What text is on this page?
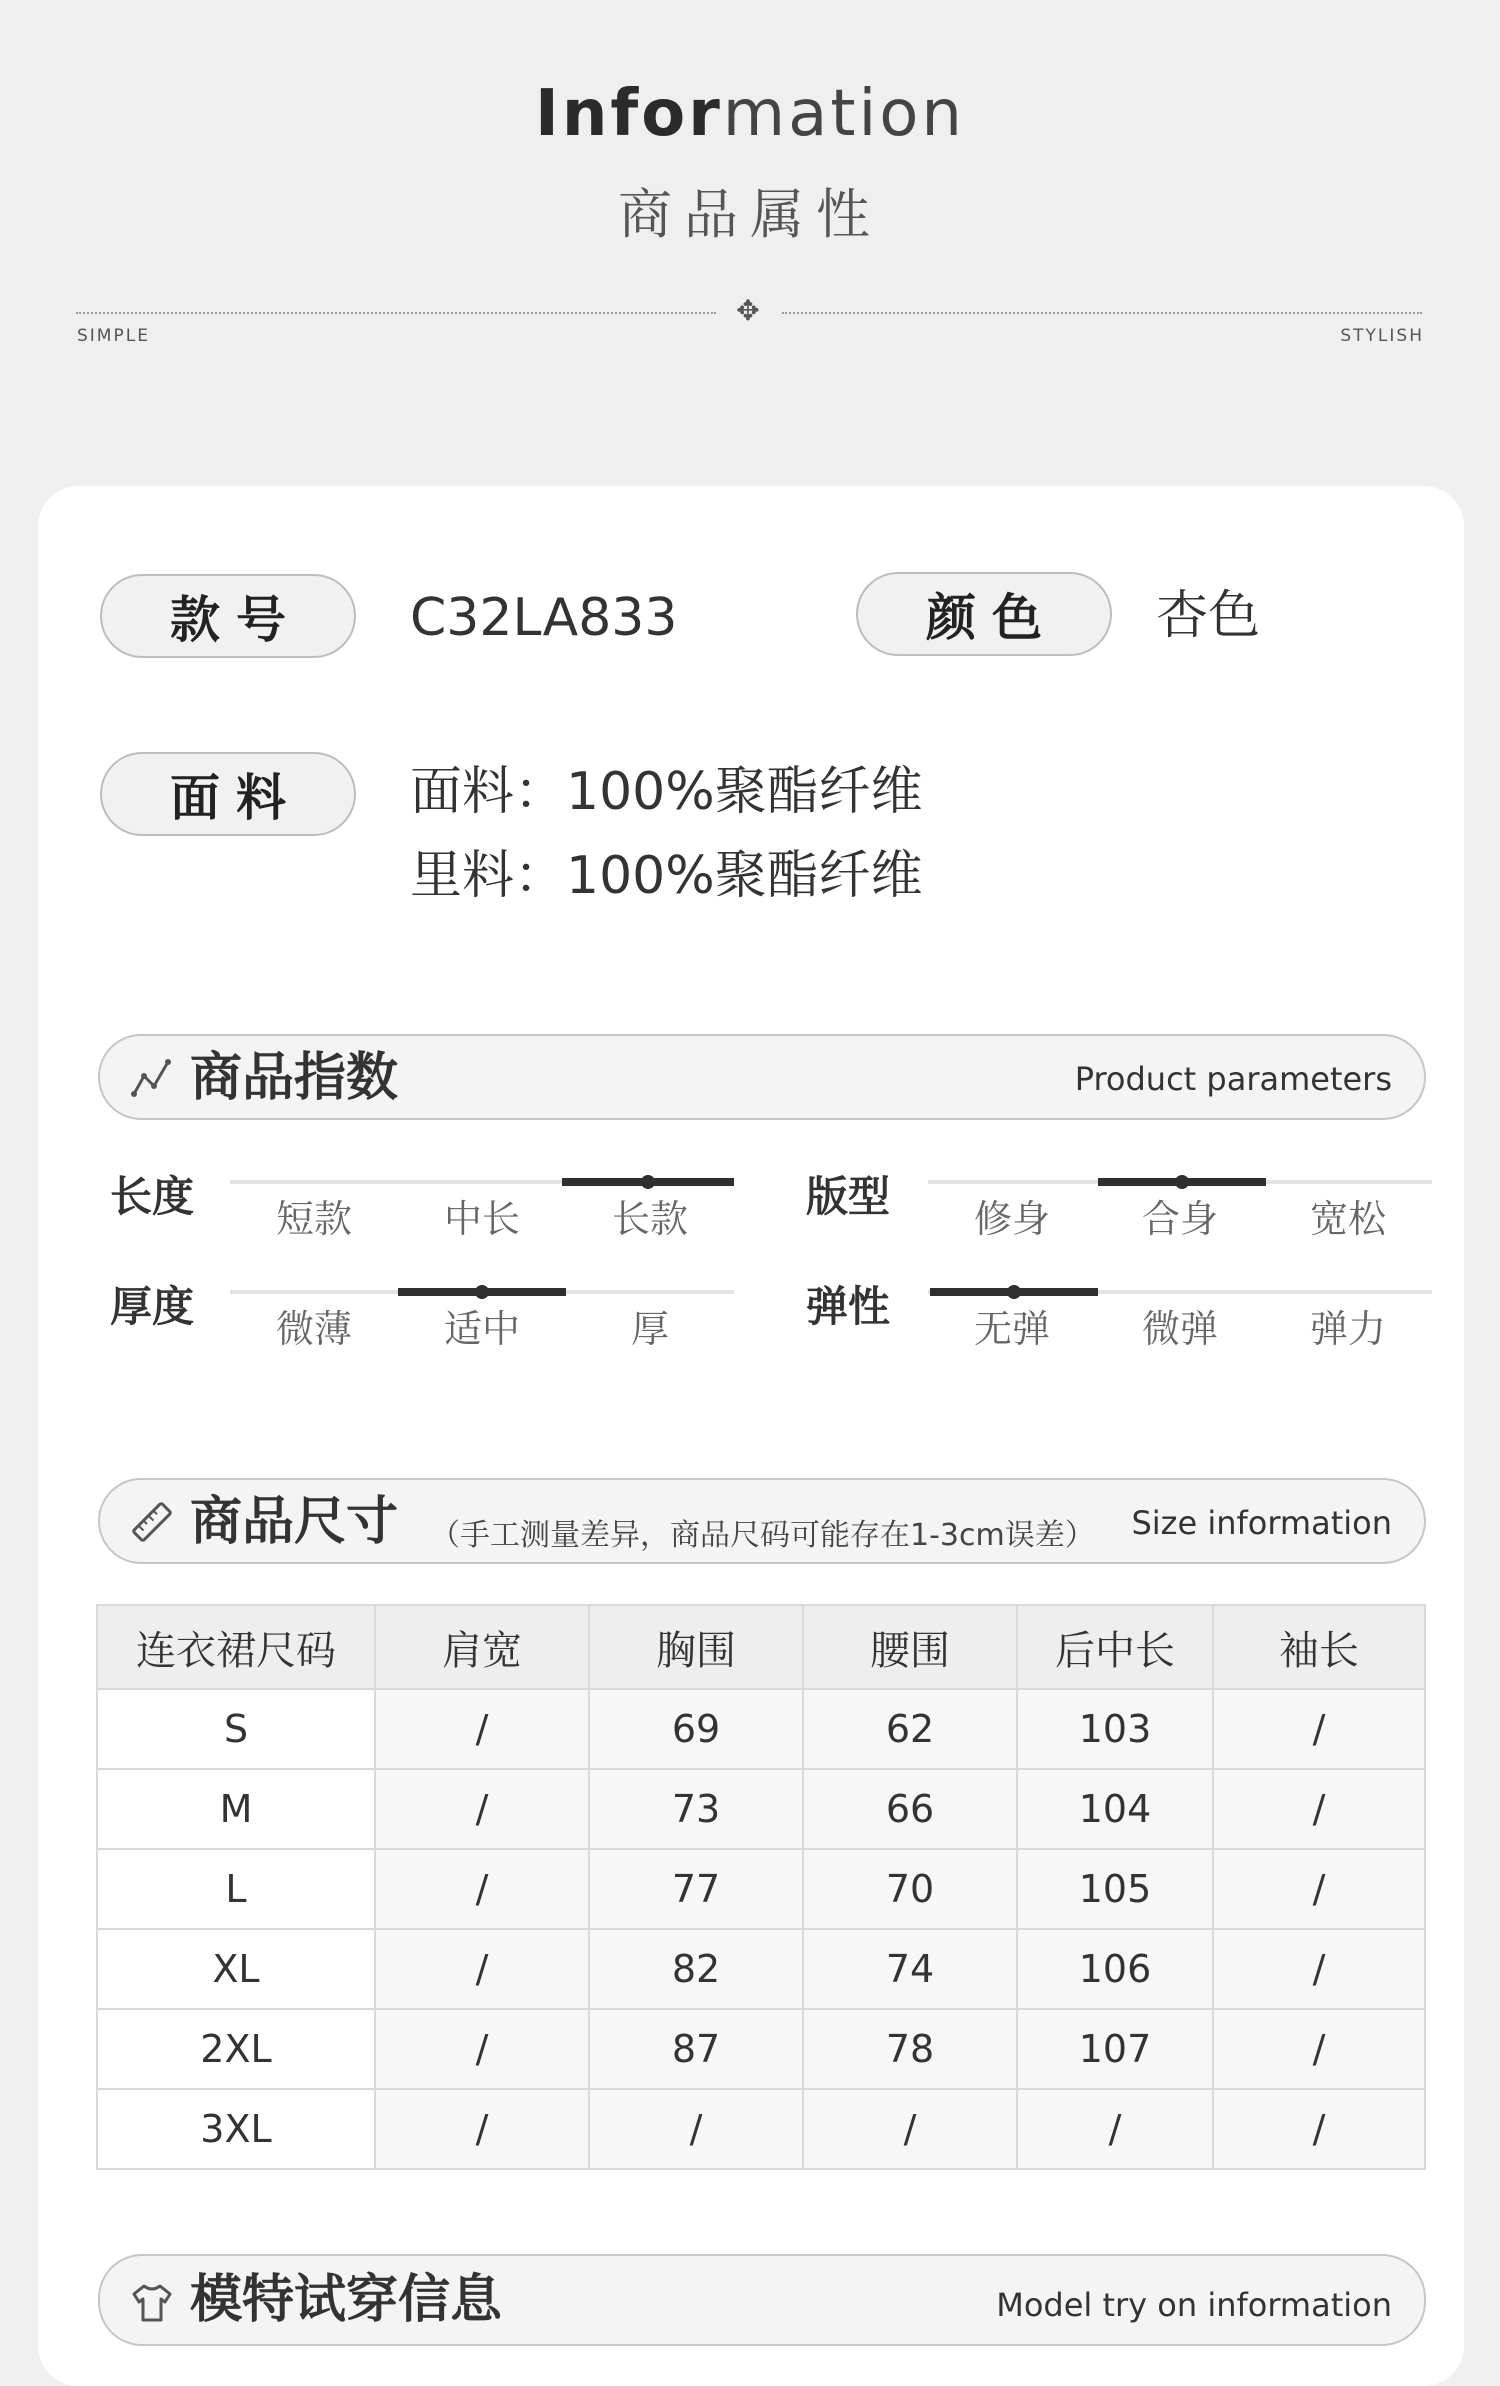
Information
商品属性
✥
SIMPLE	STYLISH
款号	C32LA833	颜色	杏色
面料	面料：100%聚酯纤维
里料：100%聚酯纤维
商品指数	Product parameters
长度	短款	中长	长款	版型	修身	合身	宽松
厚度	微薄	适中	厚	弹性	无弹	微弹	弹力
商品尺寸 （手工测量差异，商品尺码可能存在1-3cm误差） Size information
连衣裙尺码	肩宽	胸围	腰围	后中长	袖长
S	/	69	62	103	/
M	/	73	66	104	/
L	/	77	70	105	/
XL	/	82	74	106	/
2XL	/	87	78	107	/
3XL	/	/	/	/	/
模特试穿信息	Model try on information
